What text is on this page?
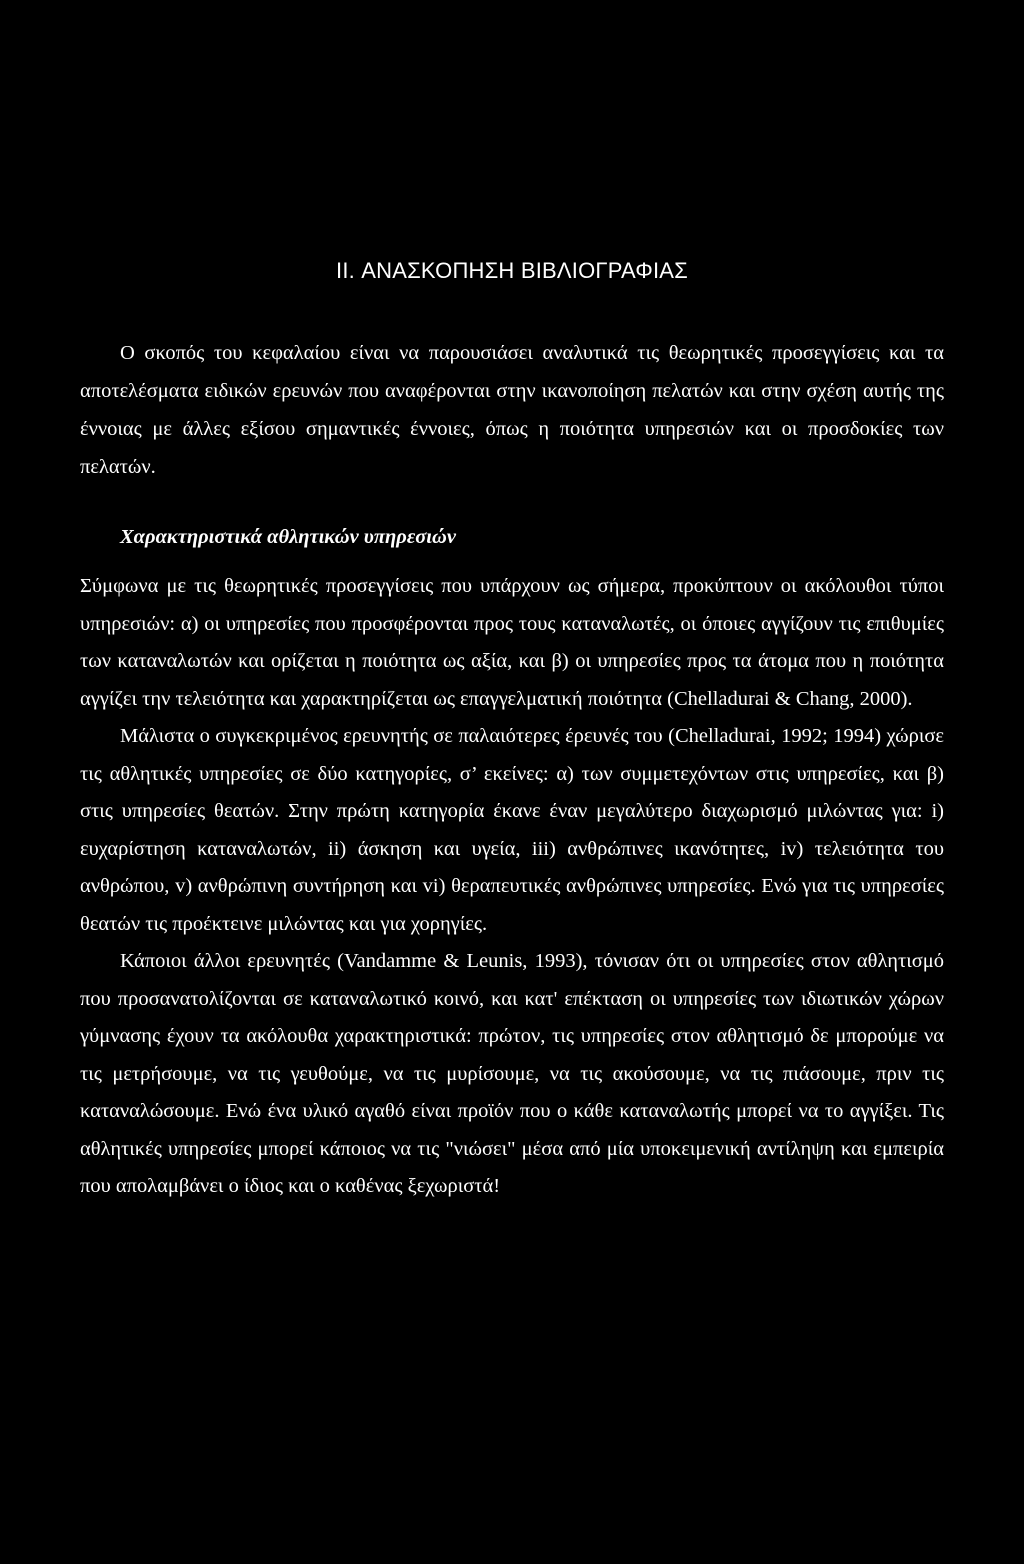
II. ΑΝΑΣΚΟΠΗΣΗ ΒΙΒΛΙΟΓΡΑΦΙΑΣ

Ο σκοπός του κεφαλαίου είναι να παρουσιάσει αναλυτικά τις θεωρητικές προσεγγίσεις και τα αποτελέσματα ειδικών ερευνών που αναφέρονται στην ικανοποίηση πελατών και στην σχέση αυτής της έννοιας με άλλες εξίσου σημαντικές έννοιες, όπως η ποιότητα υπηρεσιών και οι προσδοκίες των πελατών.

Χαρακτηριστικά αθλητικών υπηρεσιών

Σύμφωνα με τις θεωρητικές προσεγγίσεις που υπάρχουν ως σήμερα, προκύπτουν οι ακόλουθοι τύποι υπηρεσιών: α) οι υπηρεσίες που προσφέρονται προς τους καταναλωτές, οι όποιες αγγίζουν τις επιθυμίες των καταναλωτών και ορίζεται η ποιότητα ως αξία, και β) οι υπηρεσίες προς τα άτομα που η ποιότητα αγγίζει την τελειότητα και χαρακτηρίζεται ως επαγγελματική ποιότητα (Chelladurai & Chang, 2000).

Μάλιστα ο συγκεκριμένος ερευνητής σε παλαιότερες έρευνές του (Chelladurai, 1992; 1994) χώρισε τις αθλητικές υπηρεσίες σε δύο κατηγορίες, σ’ εκείνες: α) των συμμετεχόντων στις υπηρεσίες, και β) στις υπηρεσίες θεατών. Στην πρώτη κατηγορία έκανε έναν μεγαλύτερο διαχωρισμό μιλώντας για: i) ευχαρίστηση καταναλωτών, ii) άσκηση και υγεία, iii) ανθρώπινες ικανότητες, iv) τελειότητα του ανθρώπου, v) ανθρώπινη συντήρηση και vi) θεραπευτικές ανθρώπινες υπηρεσίες. Ενώ για τις υπηρεσίες θεατών τις προέκτεινε μιλώντας και για χορηγίες.

Κάποιοι άλλοι ερευνητές (Vandamme & Leunis, 1993), τόνισαν ότι οι υπηρεσίες στον αθλητισμό που προσανατολίζονται σε καταναλωτικό κοινό, και κατ' επέκταση οι υπηρεσίες των ιδιωτικών χώρων γύμνασης έχουν τα ακόλουθα χαρακτηριστικά: πρώτον, τις υπηρεσίες στον αθλητισμό δε μπορούμε να τις μετρήσουμε, να τις γευθούμε, να τις μυρίσουμε, να τις ακούσουμε, να τις πιάσουμε, πριν τις καταναλώσουμε. Ενώ ένα υλικό αγαθό είναι προϊόν που ο κάθε καταναλωτής μπορεί να το αγγίξει. Τις αθλητικές υπηρεσίες μπορεί κάποιος να τις "νιώσει" μέσα από μία υποκειμενική αντίληψη και εμπειρία που απολαμβάνει ο ίδιος και ο καθένας ξεχωριστά!
